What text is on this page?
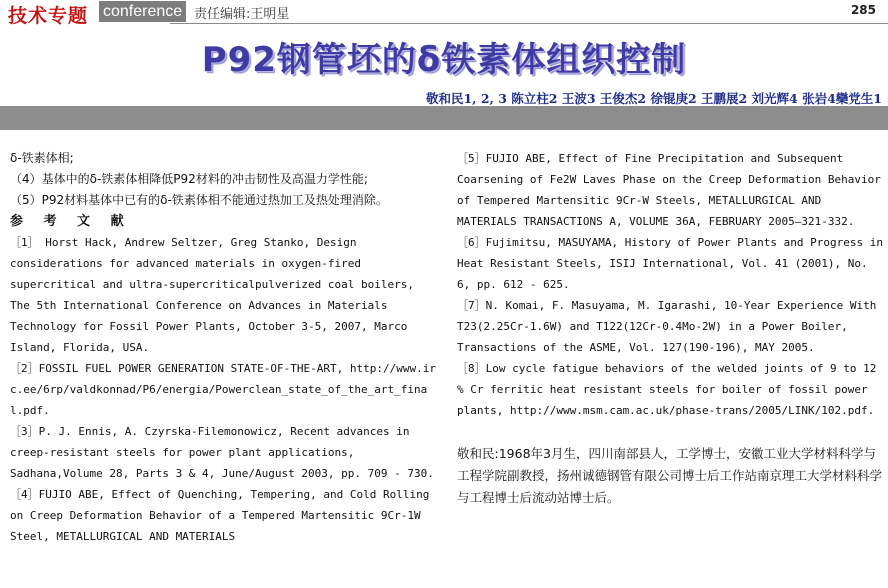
技术专题 conference 责任编辑:王明星	285
P92钢管坯的δ铁素体组织控制
敬和民1, 2, 3 陈立柱2 王波3 王俊杰2 徐锟庚2 王鹏展2 刘光辉4 张岩4欒党生1

δ-铁素体相;

（4）基体中的δ-铁素体相降低P92材料的冲击韧性及高温力学性能;

（5）P92材料基体中已有的δ-铁素体相不能通过热加工及热处理消除。

参 考 文 献

［1］ Horst Hack, Andrew Seltzer, Greg Stanko, Design considerations for advanced materials in oxygen-fired supercritical and ultra-supercriticalpulverized coal boilers, The 5th International Conference on Advances in Materials Technology for Fossil Power Plants, October 3-5, 2007, Marco Island, Florida, USA.

［2］FOSSIL FUEL POWER GENERATION STATE-OF-THE-ART, http://www.irc.ee/6rp/valdkonnad/P6/energia/Powerclean_state_of_the_art_final.pdf.

［3］P. J. Ennis, A. Czyrska-Filemonowicz, Recent advances in creep-resistant steels for power plant applications, Sadhana,Volume 28, Parts 3 & 4, June/August 2003, pp. 709 - 730.

［4］FUJIO ABE, Effect of Quenching, Tempering, and Cold Rolling on Creep Deformation Behavior of a Tempered Martensitic 9Cr-1W Steel, METALLURGICAL AND MATERIALS

［5］FUJIO ABE, Effect of Fine Precipitation and Subsequent Coarsening of Fe2W Laves Phase on the Creep Deformation Behavior of Tempered Martensitic 9Cr-W Steels, METALLURGICAL AND MATERIALS TRANSACTIONS A, VOLUME 36A, FEBRUARY 2005—321-332.

［6］Fujimitsu, MASUYAMA, History of Power Plants and Progress in Heat Resistant Steels, ISIJ International, Vol. 41 (2001), No. 6, pp. 612 - 625.

［7］N. Komai, F. Masuyama, M. Igarashi, 10-Year Experience With T23(2.25Cr-1.6W) and T122(12Cr-0.4Mo-2W) in a Power Boiler, Transactions of the ASME, Vol. 127(190-196), MAY 2005.

［8］Low cycle fatigue behaviors of the welded joints of 9 to 12 % Cr ferritic heat resistant steels for boiler of fossil power plants, http://www.msm.cam.ac.uk/phase-trans/2005/LINK/102.pdf.

敬和民:1968年3月生，四川南部县人，工学博士，安徽工业大学材料科学与工程学院副教授，扬州诚德钢管有限公司博士后工作站南京理工大学材料科学与工程博士后流动站博士后。
